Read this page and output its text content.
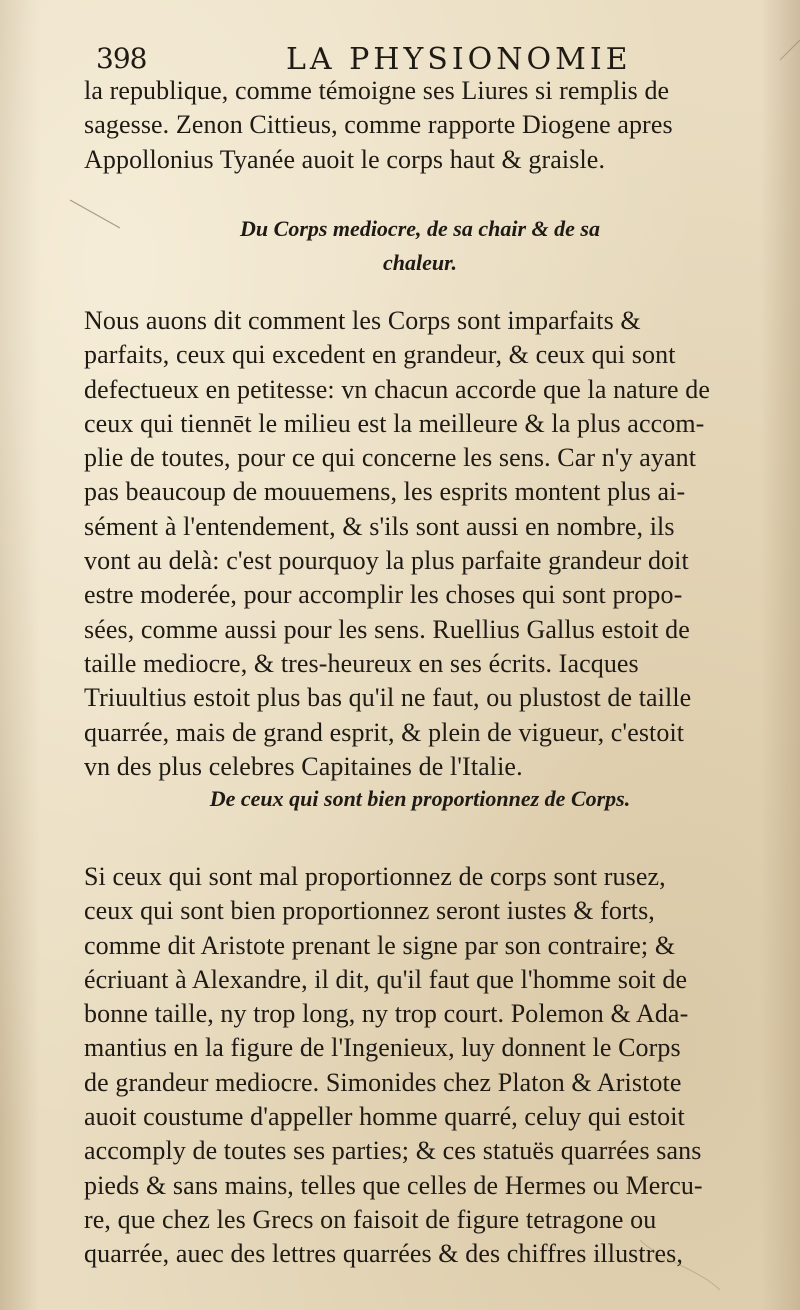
398	LA PHYSIONOMIE
la republique, comme témoigne ses Liures si remplis de
sagesse. Zenon Cittieus, comme rapporte Diogene apres
Appollonius Tyanée auoit le corps haut & graisle.
Du Corps mediocre, de sa chair & de sa
chaleur.
Nous auons dit comment les Corps sont imparfaits &
parfaits, ceux qui excedent en grandeur, & ceux qui sont
defectueux en petitesse: vn chacun accorde que la nature de
ceux qui tiennēt le milieu est la meilleure & la plus accom-
plie de toutes, pour ce qui concerne les sens. Car n'y ayant
pas beaucoup de mouuemens, les esprits montent plus ai-
sément à l'entendement, & s'ils sont aussi en nombre, ils
vont au delà: c'est pourquoy la plus parfaite grandeur doit
estre moderée, pour accomplir les choses qui sont propo-
sées, comme aussi pour les sens. Ruellius Gallus estoit de
taille mediocre, & tres-heureux en ses écrits. Iacques
Triuultius estoit plus bas qu'il ne faut, ou plustost de taille
quarrée, mais de grand esprit, & plein de vigueur, c'estoit
vn des plus celebres Capitaines de l'Italie.
De ceux qui sont bien proportionnez de Corps.
Si ceux qui sont mal proportionnez de corps sont rusez,
ceux qui sont bien proportionnez seront iustes & forts,
comme dit Aristote prenant le signe par son contraire; &
écriuant à Alexandre, il dit, qu'il faut que l'homme soit de
bonne taille, ny trop long, ny trop court. Polemon & Ada-
mantius en la figure de l'Ingenieux, luy donnent le Corps
de grandeur mediocre. Simonides chez Platon & Aristote
auoit coustume d'appeller homme quarré, celuy qui estoit
accomply de toutes ses parties; & ces statuës quarrées sans
pieds & sans mains, telles que celles de Hermes ou Mercu-
re, que chez les Grecs on faisoit de figure tetragone ou
quarrée, auec des lettres quarrées & des chiffres illustres,
